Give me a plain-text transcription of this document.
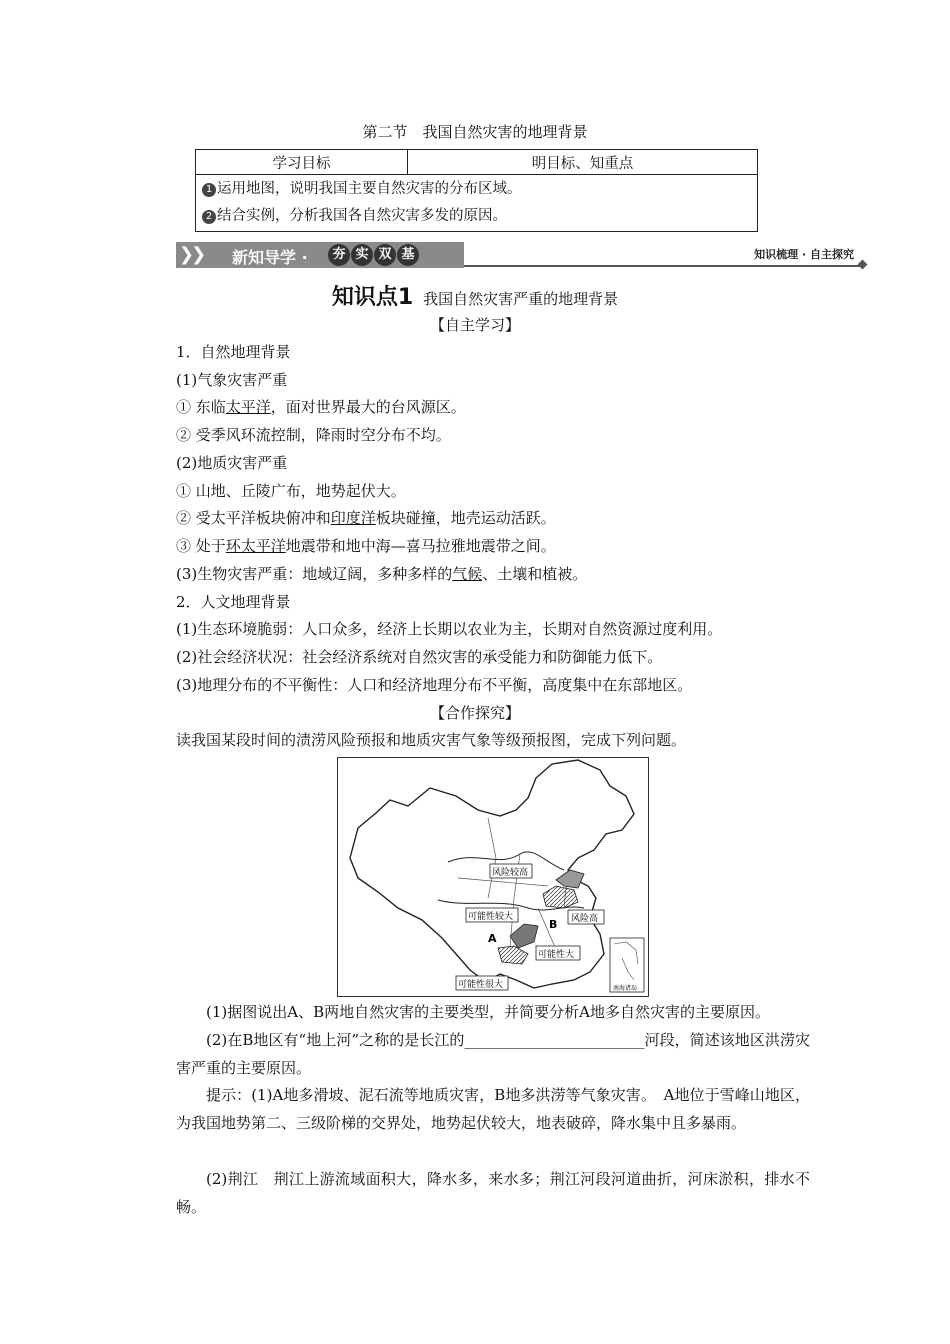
第二节　我国自然灾害的地理背景
学习目标	明目标、知重点

1 运用地图，说明我国主要自然灾害的分布区域。
2 结合实例，分析我国各自然灾害多发的原因。
❯❯ 新知导学 ·	夯 实 双 基	知识梳理 · 自主探究
知识点1 我国自然灾害严重的地理背景
【自主学习】
1．自然地理背景
(1)气象灾害严重
① 东临太平洋，面对世界最大的台风源区。
② 受季风环流控制，降雨时空分布不均。
(2)地质灾害严重
① 山地、丘陵广布，地势起伏大。
② 受太平洋板块俯冲和印度洋板块碰撞，地壳运动活跃。
③ 处于环太平洋地震带和地中海—喜马拉雅地震带之间。
(3)生物灾害严重：地域辽阔，多种多样的气候、土壤和植被。
2．人文地理背景
(1)生态环境脆弱：人口众多，经济上长期以农业为主，长期对自然资源过度利用。
(2)社会经济状况：社会经济系统对自然灾害的承受能力和防御能力低下。
(3)地理分布的不平衡性：人口和经济地理分布不平衡，高度集中在东部地区。
【合作探究】
读我国某段时间的渍涝风险预报和地质灾害气象等级预报图，完成下列问题。
风险较高
风险高
可能性较大
可能性大
可能性很大
A
B
南海诸岛
(1)据图说出A、B两地自然灾害的主要类型，并简要分析A地多自然灾害的主要原因。
(2)在B地区有“地上河”之称的是长江的________________________河段，简述该地区洪涝灾害严重的主要原因。
提示：(1)A地多滑坡、泥石流等地质灾害，B地多洪涝等气象灾害。　A地位于雪峰山地区，为我国地势第二、三级阶梯的交界处，地势起伏较大，地表破碎，降水集中且多暴雨。
(2)荆江　荆江上游流域面积大，降水多，来水多；荆江河段河道曲折，河床淤积，排水不畅。
